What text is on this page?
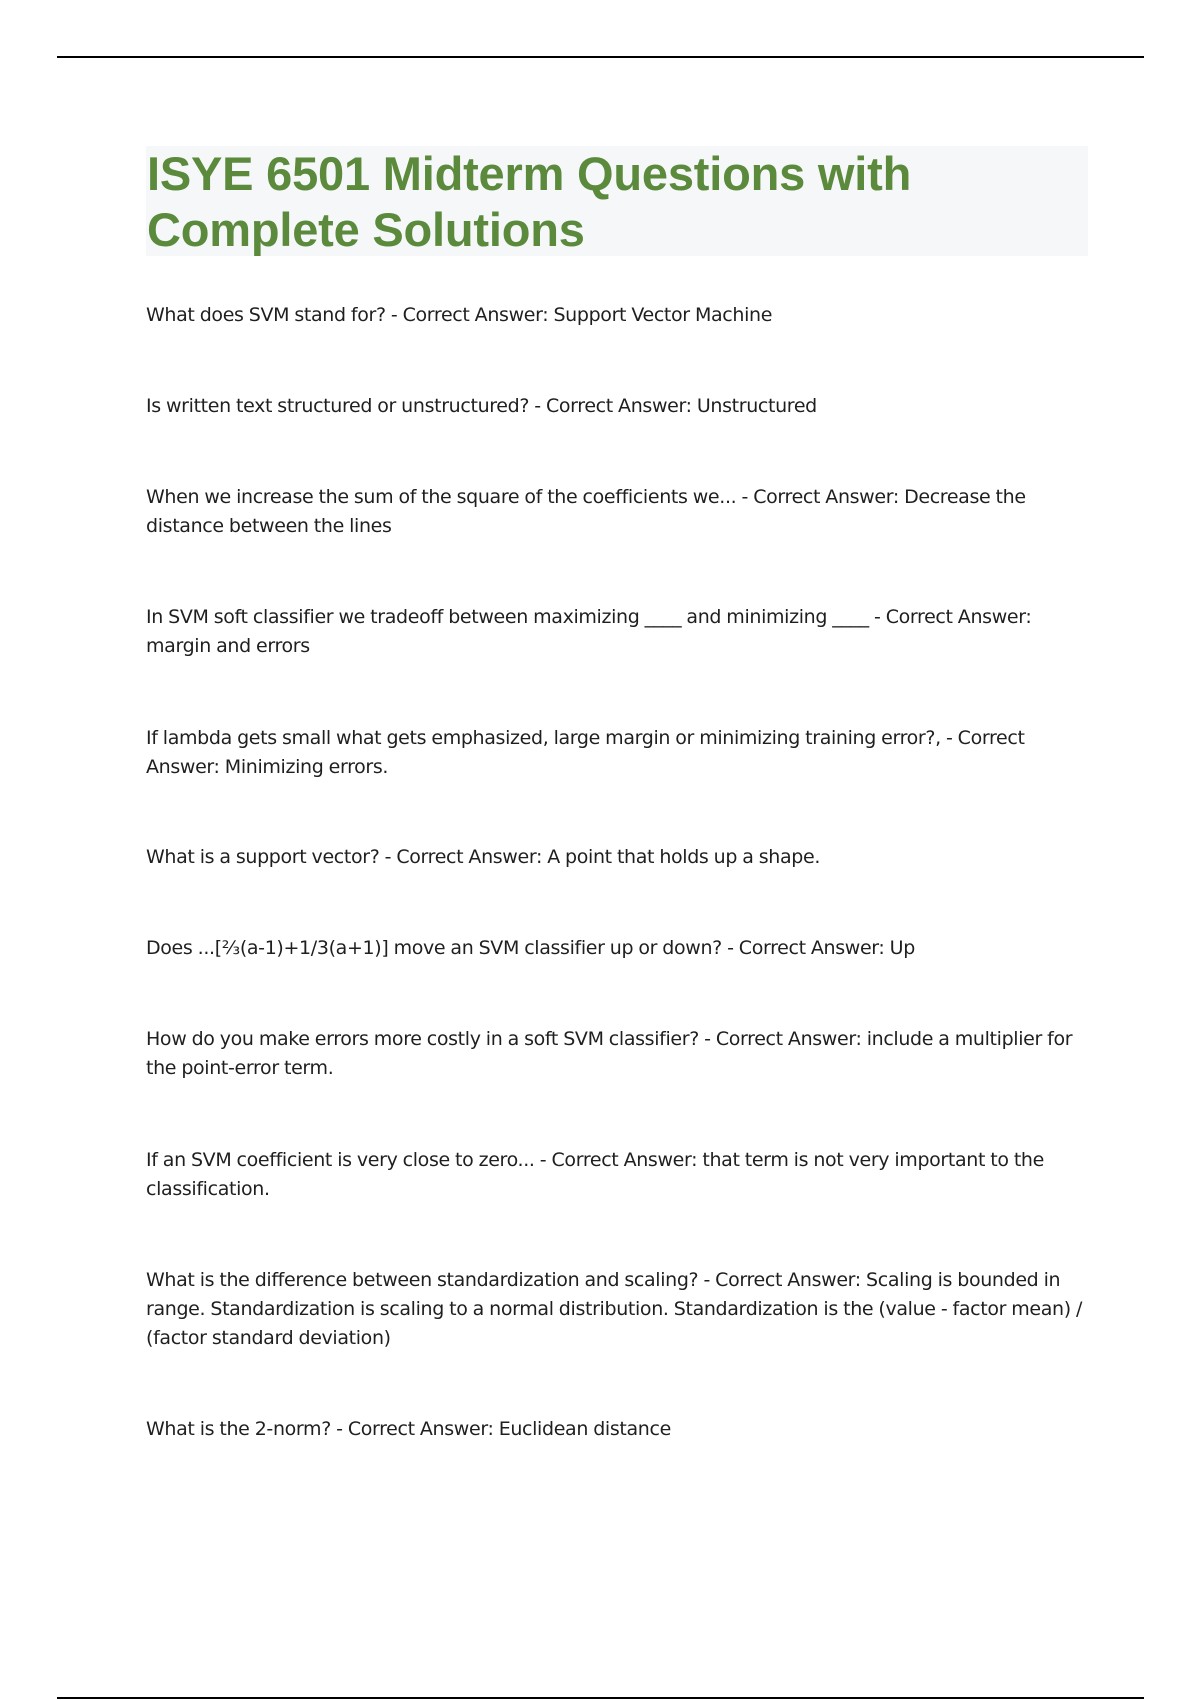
ISYE 6501 Midterm Questions with Complete Solutions
What does SVM stand for? - Correct Answer: Support Vector Machine
Is written text structured or unstructured? - Correct Answer: Unstructured
When we increase the sum of the square of the coefficients we... - Correct Answer: Decrease the distance between the lines
In SVM soft classifier we tradeoff between maximizing ____ and minimizing ____ - Correct Answer: margin and errors
If lambda gets small what gets emphasized, large margin or minimizing training error?, - Correct Answer: Minimizing errors.
What is a support vector? - Correct Answer: A point that holds up a shape.
Does ...[⅔(a-1)+1/3(a+1)] move an SVM classifier up or down? - Correct Answer: Up
How do you make errors more costly in a soft SVM classifier? - Correct Answer: include a multiplier for the point-error term.
If an SVM coefficient is very close to zero... - Correct Answer: that term is not very important to the classification.
What is the difference between standardization and scaling? - Correct Answer: Scaling is bounded in range. Standardization is scaling to a normal distribution. Standardization is the (value - factor mean) / (factor standard deviation)
What is the 2-norm? - Correct Answer: Euclidean distance
